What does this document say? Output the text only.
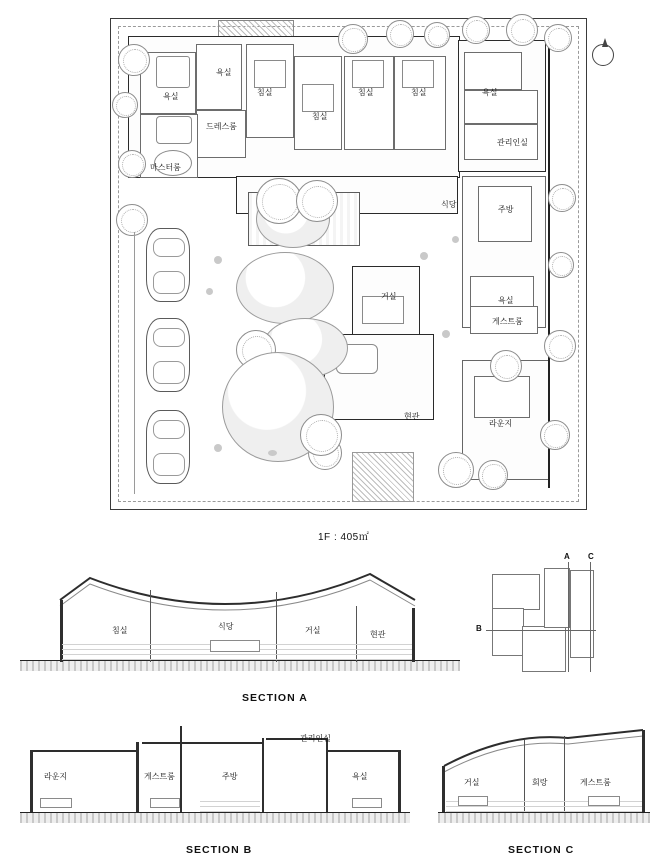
욕실
욕실
드레스룸
마스터룸
침실
침실
침실	침실	욕실
관리인실
식당
주방
거실	욕실
게스트룸
현관
라운지
1F : 405㎡
침실	식당	거실	현관
SECTION A
A C
B
라운지	게스트룸	주방
관리인실
욕실
SECTION B
거실	회랑	게스트룸
SECTION C
